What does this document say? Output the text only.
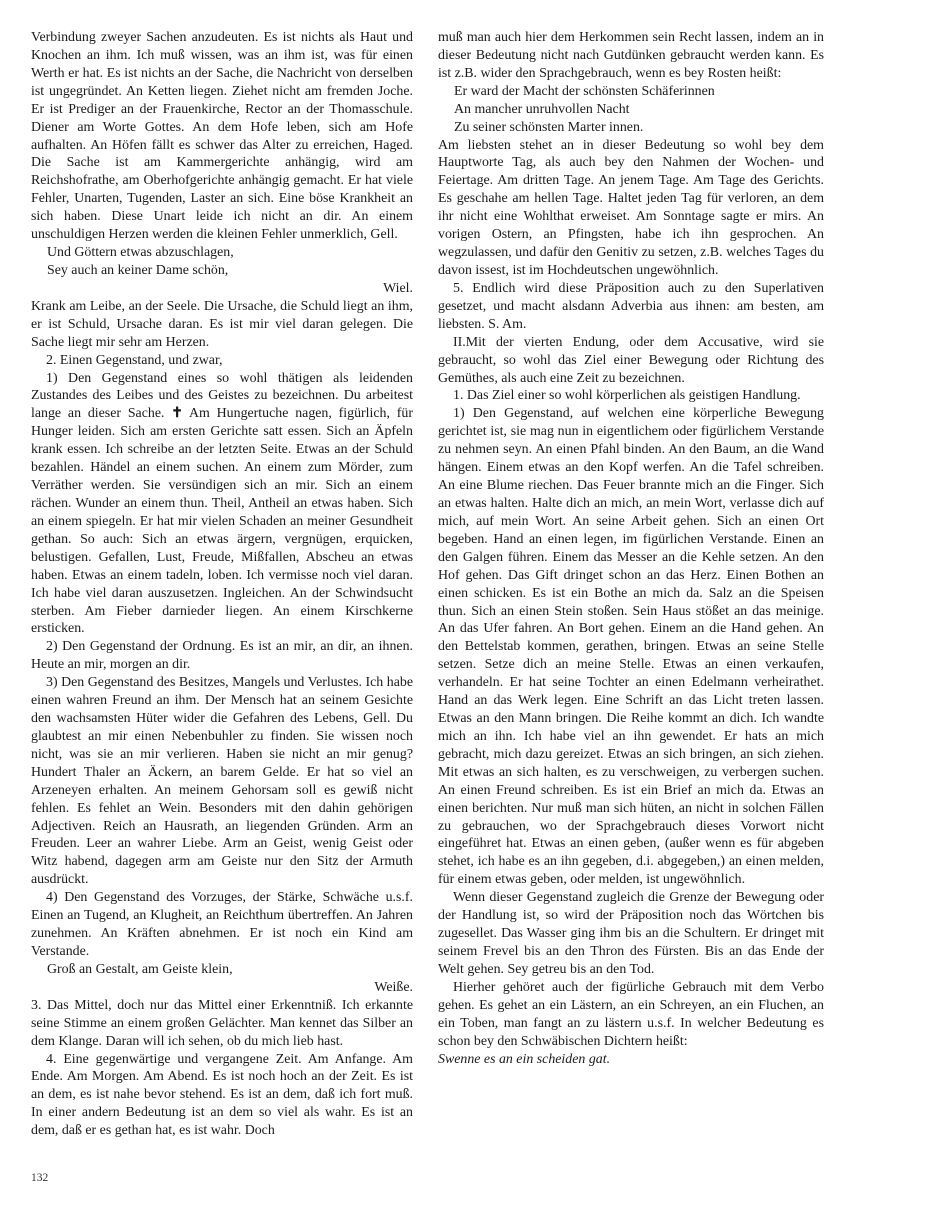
Verbindung zweyer Sachen anzudeuten. Es ist nichts als Haut und Knochen an ihm. Ich muß wissen, was an ihm ist, was für einen Werth er hat. Es ist nichts an der Sache, die Nachricht von derselben ist ungegründet. An Ketten liegen. Ziehet nicht am fremden Joche. Er ist Prediger an der Frauenkirche, Rector an der Thomasschule. Diener am Worte Gottes. An dem Hofe leben, sich am Hofe aufhalten. An Höfen fällt es schwer das Alter zu erreichen, Haged. Die Sache ist am Kammergerichte anhängig, wird am Reichshofrathe, am Oberhofgerichte anhängig gemacht. Er hat viele Fehler, Unarten, Tugenden, Laster an sich. Eine böse Krankheit an sich haben. Diese Unart leide ich nicht an dir. An einem unschuldigen Herzen werden die kleinen Fehler unmerklich, Gell.

Und Göttern etwas abzuschlagen,

Sey auch an keiner Dame schön,

Wiel.

Krank am Leibe, an der Seele. Die Ursache, die Schuld liegt an ihm, er ist Schuld, Ursache daran. Es ist mir viel daran gelegen. Die Sache liegt mir sehr am Herzen.

2. Einen Gegenstand, und zwar,

1) Den Gegenstand eines so wohl thätigen als leidenden Zustandes des Leibes und des Geistes zu bezeichnen. Du arbeitest lange an dieser Sache. ✝ Am Hungertuche nagen, figürlich, für Hunger leiden. Sich am ersten Gerichte satt essen. Sich an Äpfeln krank essen. Ich schreibe an der letzten Seite. Etwas an der Schuld bezahlen. Händel an einem suchen. An einem zum Mörder, zum Verräther werden. Sie versündigen sich an mir. Sich an einem rächen. Wunder an einem thun. Theil, Antheil an etwas haben. Sich an einem spiegeln. Er hat mir vielen Schaden an meiner Gesundheit gethan. So auch: Sich an etwas ärgern, vergnügen, erquicken, belustigen. Gefallen, Lust, Freude, Mißfallen, Abscheu an etwas haben. Etwas an einem tadeln, loben. Ich vermisse noch viel daran. Ich habe viel daran auszusetzen. Ingleichen. An der Schwindsucht sterben. Am Fieber darnieder liegen. An einem Kirschkerne ersticken.

2) Den Gegenstand der Ordnung. Es ist an mir, an dir, an ihnen. Heute an mir, morgen an dir.

3) Den Gegenstand des Besitzes, Mangels und Verlustes. Ich habe einen wahren Freund an ihm. Der Mensch hat an seinem Gesichte den wachsamsten Hüter wider die Gefahren des Lebens, Gell. Du glaubtest an mir einen Nebenbuhler zu finden. Sie wissen noch nicht, was sie an mir verlieren. Haben sie nicht an mir genug? Hundert Thaler an Äckern, an barem Gelde. Er hat so viel an Arzeneyen erhalten. An meinem Gehorsam soll es gewiß nicht fehlen. Es fehlet an Wein. Besonders mit den dahin gehörigen Adjectiven. Reich an Hausrath, an liegenden Gründen. Arm an Freuden. Leer an wahrer Liebe. Arm an Geist, wenig Geist oder Witz habend, dagegen arm am Geiste nur den Sitz der Armuth ausdrückt.

4) Den Gegenstand des Vorzuges, der Stärke, Schwäche u.s.f. Einen an Tugend, an Klugheit, an Reichthum übertreffen. An Jahren zunehmen. An Kräften abnehmen. Er ist noch ein Kind am Verstande.

Groß an Gestalt, am Geiste klein,

Weiße.

3. Das Mittel, doch nur das Mittel einer Erkenntniß. Ich erkannte seine Stimme an einem großen Gelächter. Man kennet das Silber an dem Klange. Daran will ich sehen, ob du mich lieb hast.

4. Eine gegenwärtige und vergangene Zeit. Am Anfange. Am Ende. Am Morgen. Am Abend. Es ist noch hoch an der Zeit. Es ist an dem, es ist nahe bevor stehend. Es ist an dem, daß ich fort muß. In einer andern Bedeutung ist an dem so viel als wahr. Es ist an dem, daß er es gethan hat, es ist wahr. Doch

muß man auch hier dem Herkommen sein Recht lassen, indem an in dieser Bedeutung nicht nach Gutdünken gebraucht werden kann. Es ist z.B. wider den Sprachgebrauch, wenn es bey Rosten heißt:

Er ward der Macht der schönsten Schäferinnen

An mancher unruhvollen Nacht

Zu seiner schönsten Marter innen.

Am liebsten stehet an in dieser Bedeutung so wohl bey dem Hauptworte Tag, als auch bey den Nahmen der Wochen- und Feiertage. Am dritten Tage. An jenem Tage. Am Tage des Gerichts. Es geschahe am hellen Tage. Haltet jeden Tag für verloren, an dem ihr nicht eine Wohlthat erweiset. Am Sonntage sagte er mirs. An vorigen Ostern, an Pfingsten, habe ich ihn gesprochen. An wegzulassen, und dafür den Genitiv zu setzen, z.B. welches Tages du davon issest, ist im Hochdeutschen ungewöhnlich.

5. Endlich wird diese Präposition auch zu den Superlativen gesetzet, und macht alsdann Adverbia aus ihnen: am besten, am liebsten. S. Am.

II.Mit der vierten Endung, oder dem Accusative, wird sie gebraucht, so wohl das Ziel einer Bewegung oder Richtung des Gemüthes, als auch eine Zeit zu bezeichnen.

1. Das Ziel einer so wohl körperlichen als geistigen Handlung.

1) Den Gegenstand, auf welchen eine körperliche Bewegung gerichtet ist, sie mag nun in eigentlichem oder figürlichem Verstande zu nehmen seyn. An einen Pfahl binden. An den Baum, an die Wand hängen. Einem etwas an den Kopf werfen. An die Tafel schreiben. An eine Blume riechen. Das Feuer brannte mich an die Finger. Sich an etwas halten. Halte dich an mich, an mein Wort, verlasse dich auf mich, auf mein Wort. An seine Arbeit gehen. Sich an einen Ort begeben. Hand an einen legen, im figürlichen Verstande. Einen an den Galgen führen. Einem das Messer an die Kehle setzen. An den Hof gehen. Das Gift dringet schon an das Herz. Einen Bothen an einen schicken. Es ist ein Bothe an mich da. Salz an die Speisen thun. Sich an einen Stein stoßen. Sein Haus stößet an das meinige. An das Ufer fahren. An Bort gehen. Einem an die Hand gehen. An den Bettelstab kommen, gerathen, bringen. Etwas an seine Stelle setzen. Setze dich an meine Stelle. Etwas an einen verkaufen, verhandeln. Er hat seine Tochter an einen Edelmann verheirathet. Hand an das Werk legen. Eine Schrift an das Licht treten lassen. Etwas an den Mann bringen. Die Reihe kommt an dich. Ich wandte mich an ihn. Ich habe viel an ihn gewendet. Er hats an mich gebracht, mich dazu gereizet. Etwas an sich bringen, an sich ziehen. Mit etwas an sich halten, es zu verschweigen, zu verbergen suchen. An einen Freund schreiben. Es ist ein Brief an mich da. Etwas an einen berichten. Nur muß man sich hüten, an nicht in solchen Fällen zu gebrauchen, wo der Sprachgebrauch dieses Vorwort nicht eingeführet hat. Etwas an einen geben, (außer wenn es für abgeben stehet, ich habe es an ihn gegeben, d.i. abgegeben,) an einen melden, für einem etwas geben, oder melden, ist ungewöhnlich.

Wenn dieser Gegenstand zugleich die Grenze der Bewegung oder der Handlung ist, so wird der Präposition noch das Wörtchen bis zugesellet. Das Wasser ging ihm bis an die Schultern. Er dringet mit seinem Frevel bis an den Thron des Fürsten. Bis an das Ende der Welt gehen. Sey getreu bis an den Tod.

Hierher gehöret auch der figürliche Gebrauch mit dem Verbo gehen. Es gehet an ein Lästern, an ein Schreyen, an ein Fluchen, an ein Toben, man fangt an zu lästern u.s.f. In welcher Bedeutung es schon bey den Schwäbischen Dichtern heißt:
Swenne es an ein scheiden gat.

132
